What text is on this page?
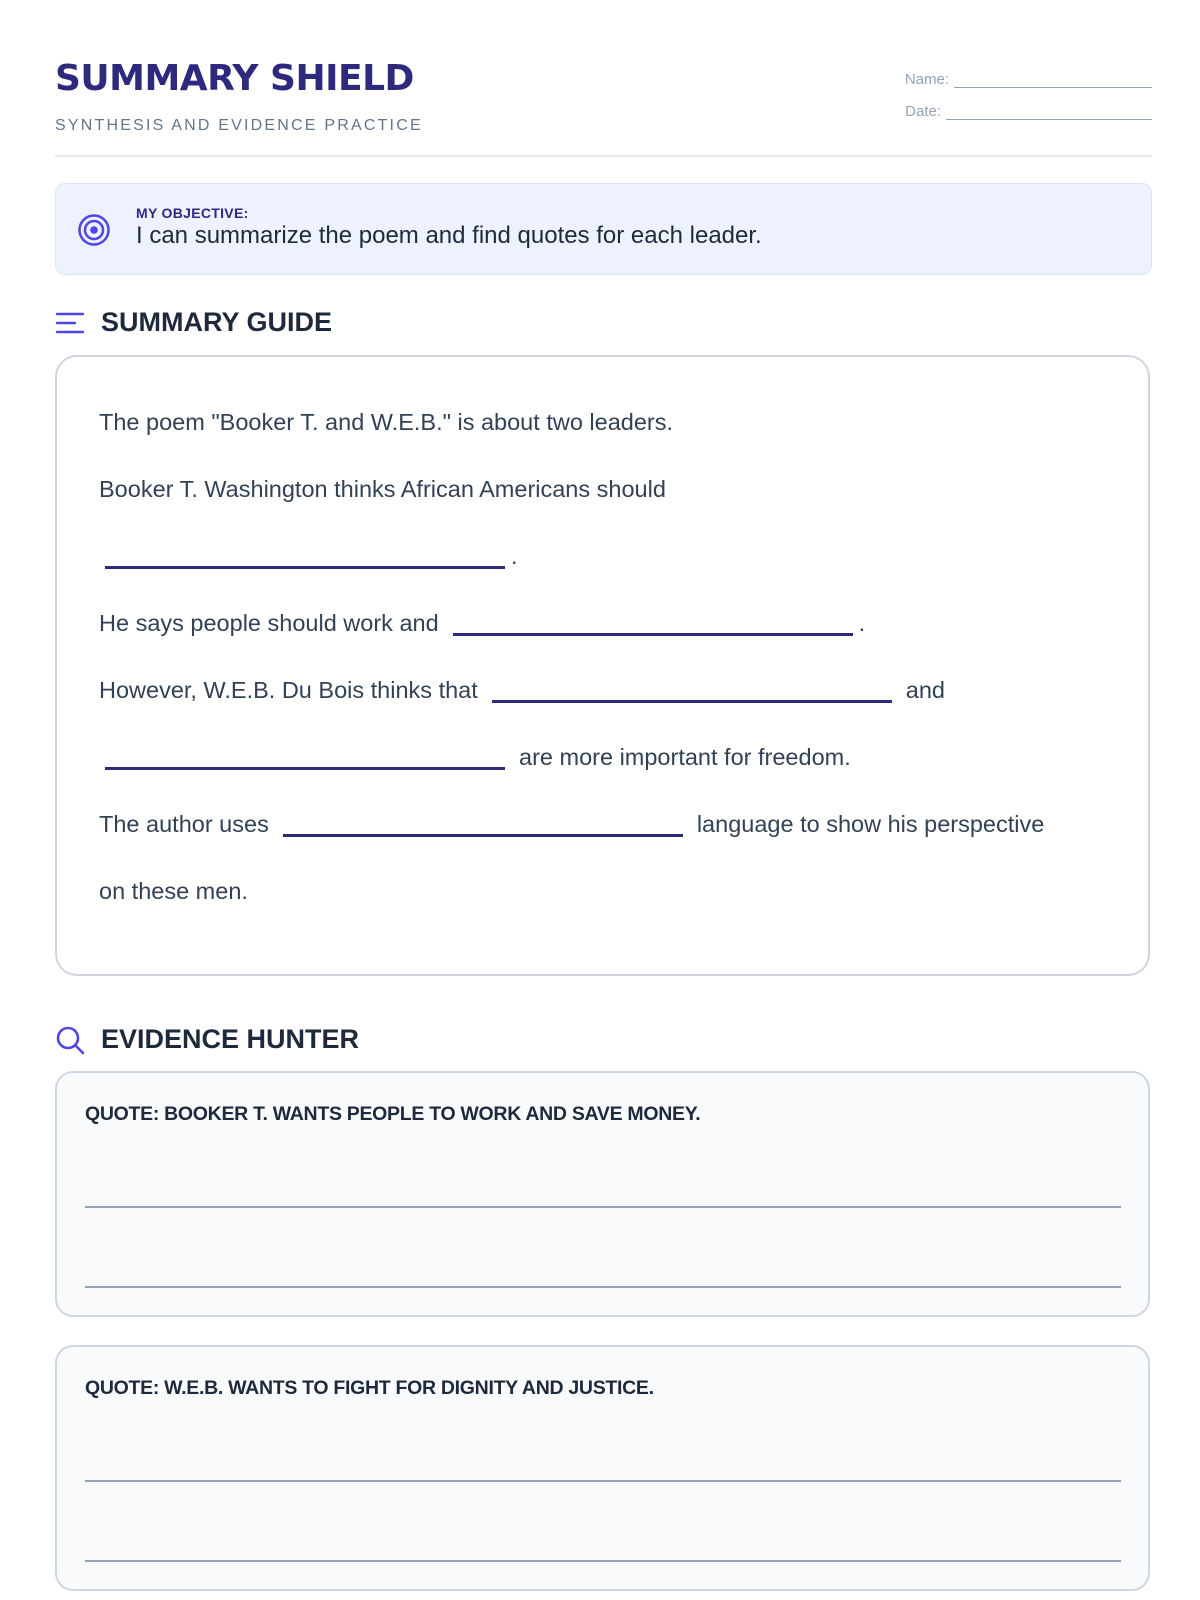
SUMMARY SHIELD
SYNTHESIS AND EVIDENCE PRACTICE
Name:
Date:
MY OBJECTIVE:
I can summarize the poem and find quotes for each leader.
SUMMARY GUIDE
The poem "Booker T. and W.E.B." is about two leaders.
Booker T. Washington thinks African Americans should
.
He says people should work and	.
However, W.E.B. Du Bois thinks that	and
are more important for freedom.
The author uses	language to show his perspective
on these men.
EVIDENCE HUNTER
QUOTE: BOOKER T. WANTS PEOPLE TO WORK AND SAVE MONEY.
QUOTE: W.E.B. WANTS TO FIGHT FOR DIGNITY AND JUSTICE.
